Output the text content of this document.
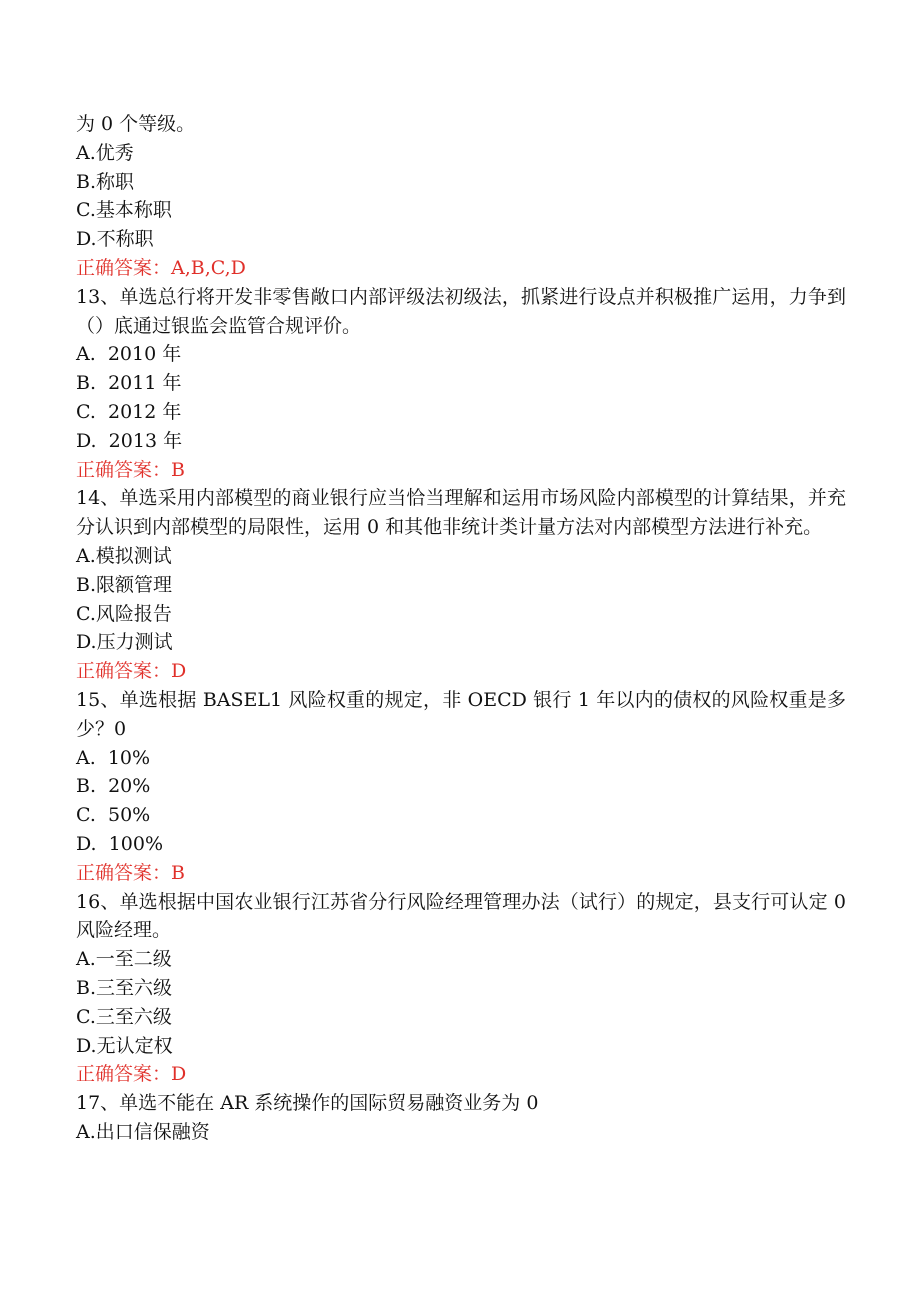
为 0 个等级。
A.优秀
B.称职
C.基本称职
D.不称职
正确答案：A,B,C,D
13、单选总行将开发非零售敞口内部评级法初级法，抓紧进行设点并积极推广运用，力争到（）底通过银监会监管合规评价。
A.  2010 年
B.  2011 年
C.  2012 年
D.  2013 年
正确答案：B
14、单选采用内部模型的商业银行应当恰当理解和运用市场风险内部模型的计算结果，并充分认识到内部模型的局限性，运用 0 和其他非统计类计量方法对内部模型方法进行补充。
A.模拟测试
B.限额管理
C.风险报告
D.压力测试
正确答案：D
15、单选根据 BASEL1 风险权重的规定，非 OECD 银行 1 年以内的债权的风险权重是多少？0
A.  10%
B.  20%
C.  50%
D.  100%
正确答案：B
16、单选根据中国农业银行江苏省分行风险经理管理办法（试行）的规定，县支行可认定 0 风险经理。
A.一至二级
B.三至六级
C.三至六级
D.无认定权
正确答案：D
17、单选不能在 AR 系统操作的国际贸易融资业务为 0
A.出口信保融资
